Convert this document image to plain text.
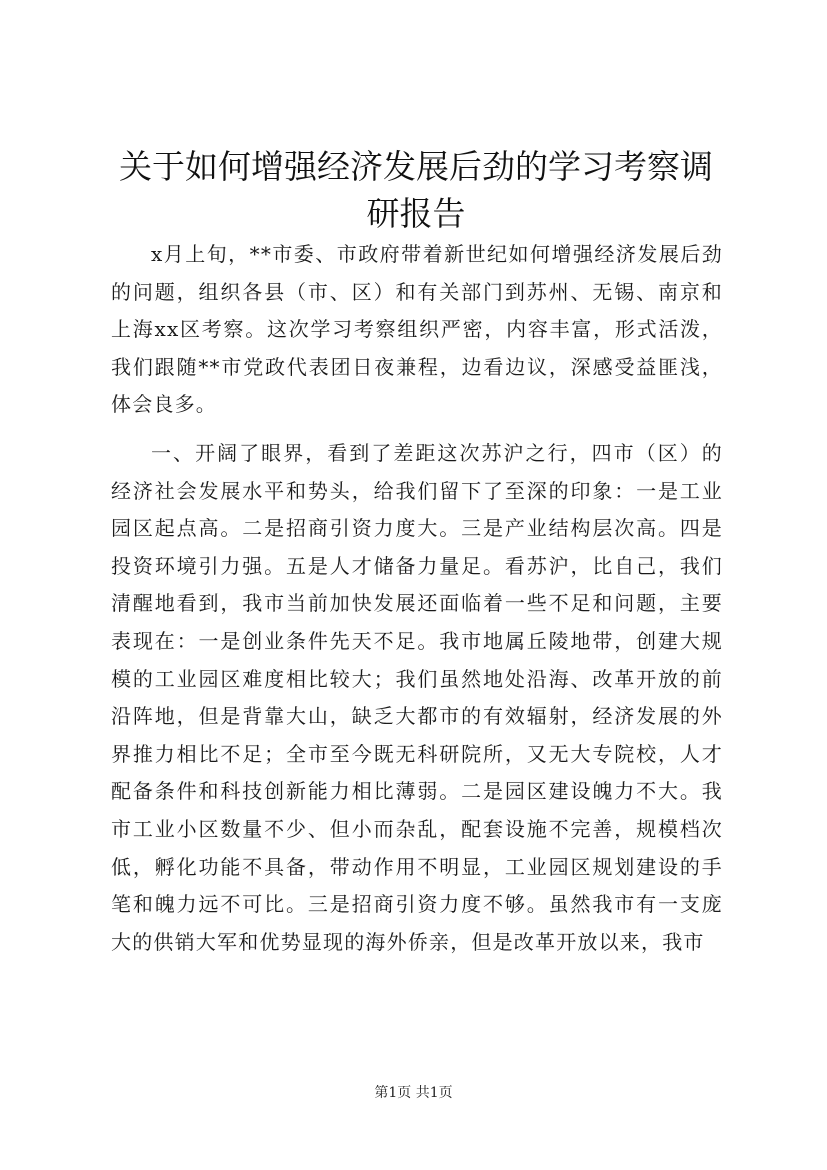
关于如何增强经济发展后劲的学习考察调研报告

x月上旬，**市委、市政府带着新世纪如何增强经济发展后劲的问题，组织各县（市、区）和有关部门到苏州、无锡、南京和上海xx区考察。这次学习考察组织严密，内容丰富，形式活泼，我们跟随**市党政代表团日夜兼程，边看边议，深感受益匪浅，体会良多。

一、开阔了眼界，看到了差距这次苏沪之行，四市（区）的经济社会发展水平和势头，给我们留下了至深的印象：一是工业园区起点高。二是招商引资力度大。三是产业结构层次高。四是投资环境引力强。五是人才储备力量足。看苏沪，比自己，我们清醒地看到，我市当前加快发展还面临着一些不足和问题，主要表现在：一是创业条件先天不足。我市地属丘陵地带，创建大规模的工业园区难度相比较大；我们虽然地处沿海、改革开放的前沿阵地，但是背靠大山，缺乏大都市的有效辐射，经济发展的外界推力相比不足；全市至今既无科研院所，又无大专院校，人才配备条件和科技创新能力相比薄弱。二是园区建设魄力不大。我市工业小区数量不少、但小而杂乱，配套设施不完善，规模档次低，孵化功能不具备，带动作用不明显，工业园区规划建设的手笔和魄力远不可比。三是招商引资力度不够。虽然我市有一支庞大的供销大军和优势显现的海外侨亲，但是改革开放以来，我市

第1页 共1页
